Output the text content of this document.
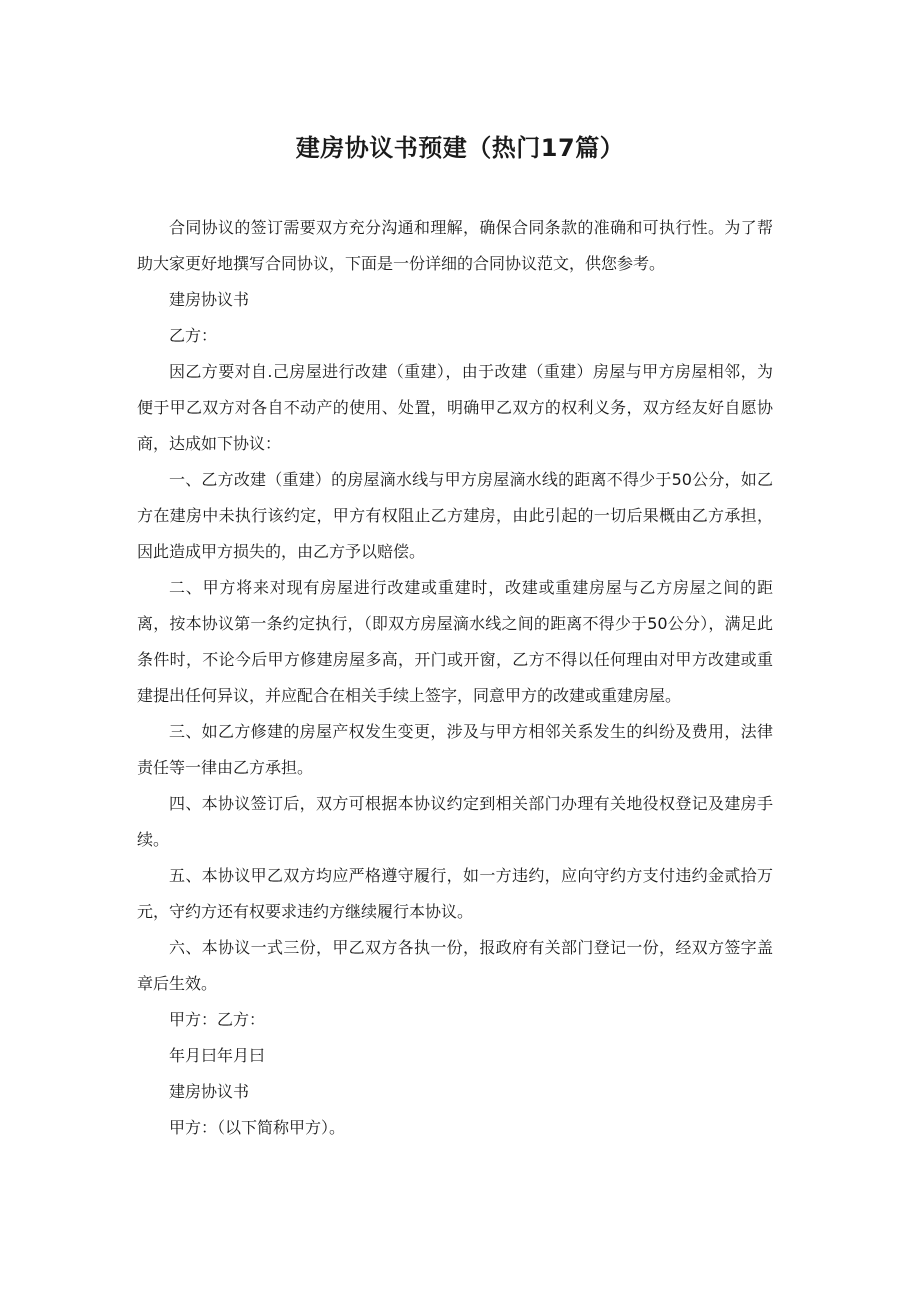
建房协议书预建（热门17篇）

合同协议的签订需要双方充分沟通和理解，确保合同条款的准确和可执行性。为了帮助大家更好地撰写合同协议，下面是一份详细的合同协议范文，供您参考。

建房协议书

乙方：

因乙方要对自.己房屋进行改建（重建），由于改建（重建）房屋与甲方房屋相邻，为便于甲乙双方对各自不动产的使用、处置，明确甲乙双方的权利义务，双方经友好自愿协商，达成如下协议：

一、乙方改建（重建）的房屋滴水线与甲方房屋滴水线的距离不得少于50公分，如乙方在建房中未执行该约定，甲方有权阻止乙方建房，由此引起的一切后果概由乙方承担，因此造成甲方损失的，由乙方予以赔偿。

二、甲方将来对现有房屋进行改建或重建时，改建或重建房屋与乙方房屋之间的距离，按本协议第一条约定执行，（即双方房屋滴水线之间的距离不得少于50公分），满足此条件时，不论今后甲方修建房屋多高，开门或开窗，乙方不得以任何理由对甲方改建或重建提出任何异议，并应配合在相关手续上签字，同意甲方的改建或重建房屋。

三、如乙方修建的房屋产权发生变更，涉及与甲方相邻关系发生的纠纷及费用，法律责任等一律由乙方承担。

四、本协议签订后，双方可根据本协议约定到相关部门办理有关地役权登记及建房手续。

五、本协议甲乙双方均应严格遵守履行，如一方违约，应向守约方支付违约金贰拾万元，守约方还有权要求违约方继续履行本协议。

六、本协议一式三份，甲乙双方各执一份，报政府有关部门登记一份，经双方签字盖章后生效。

甲方：乙方：

年月曰年月曰

建房协议书

甲方：（以下简称甲方）。
